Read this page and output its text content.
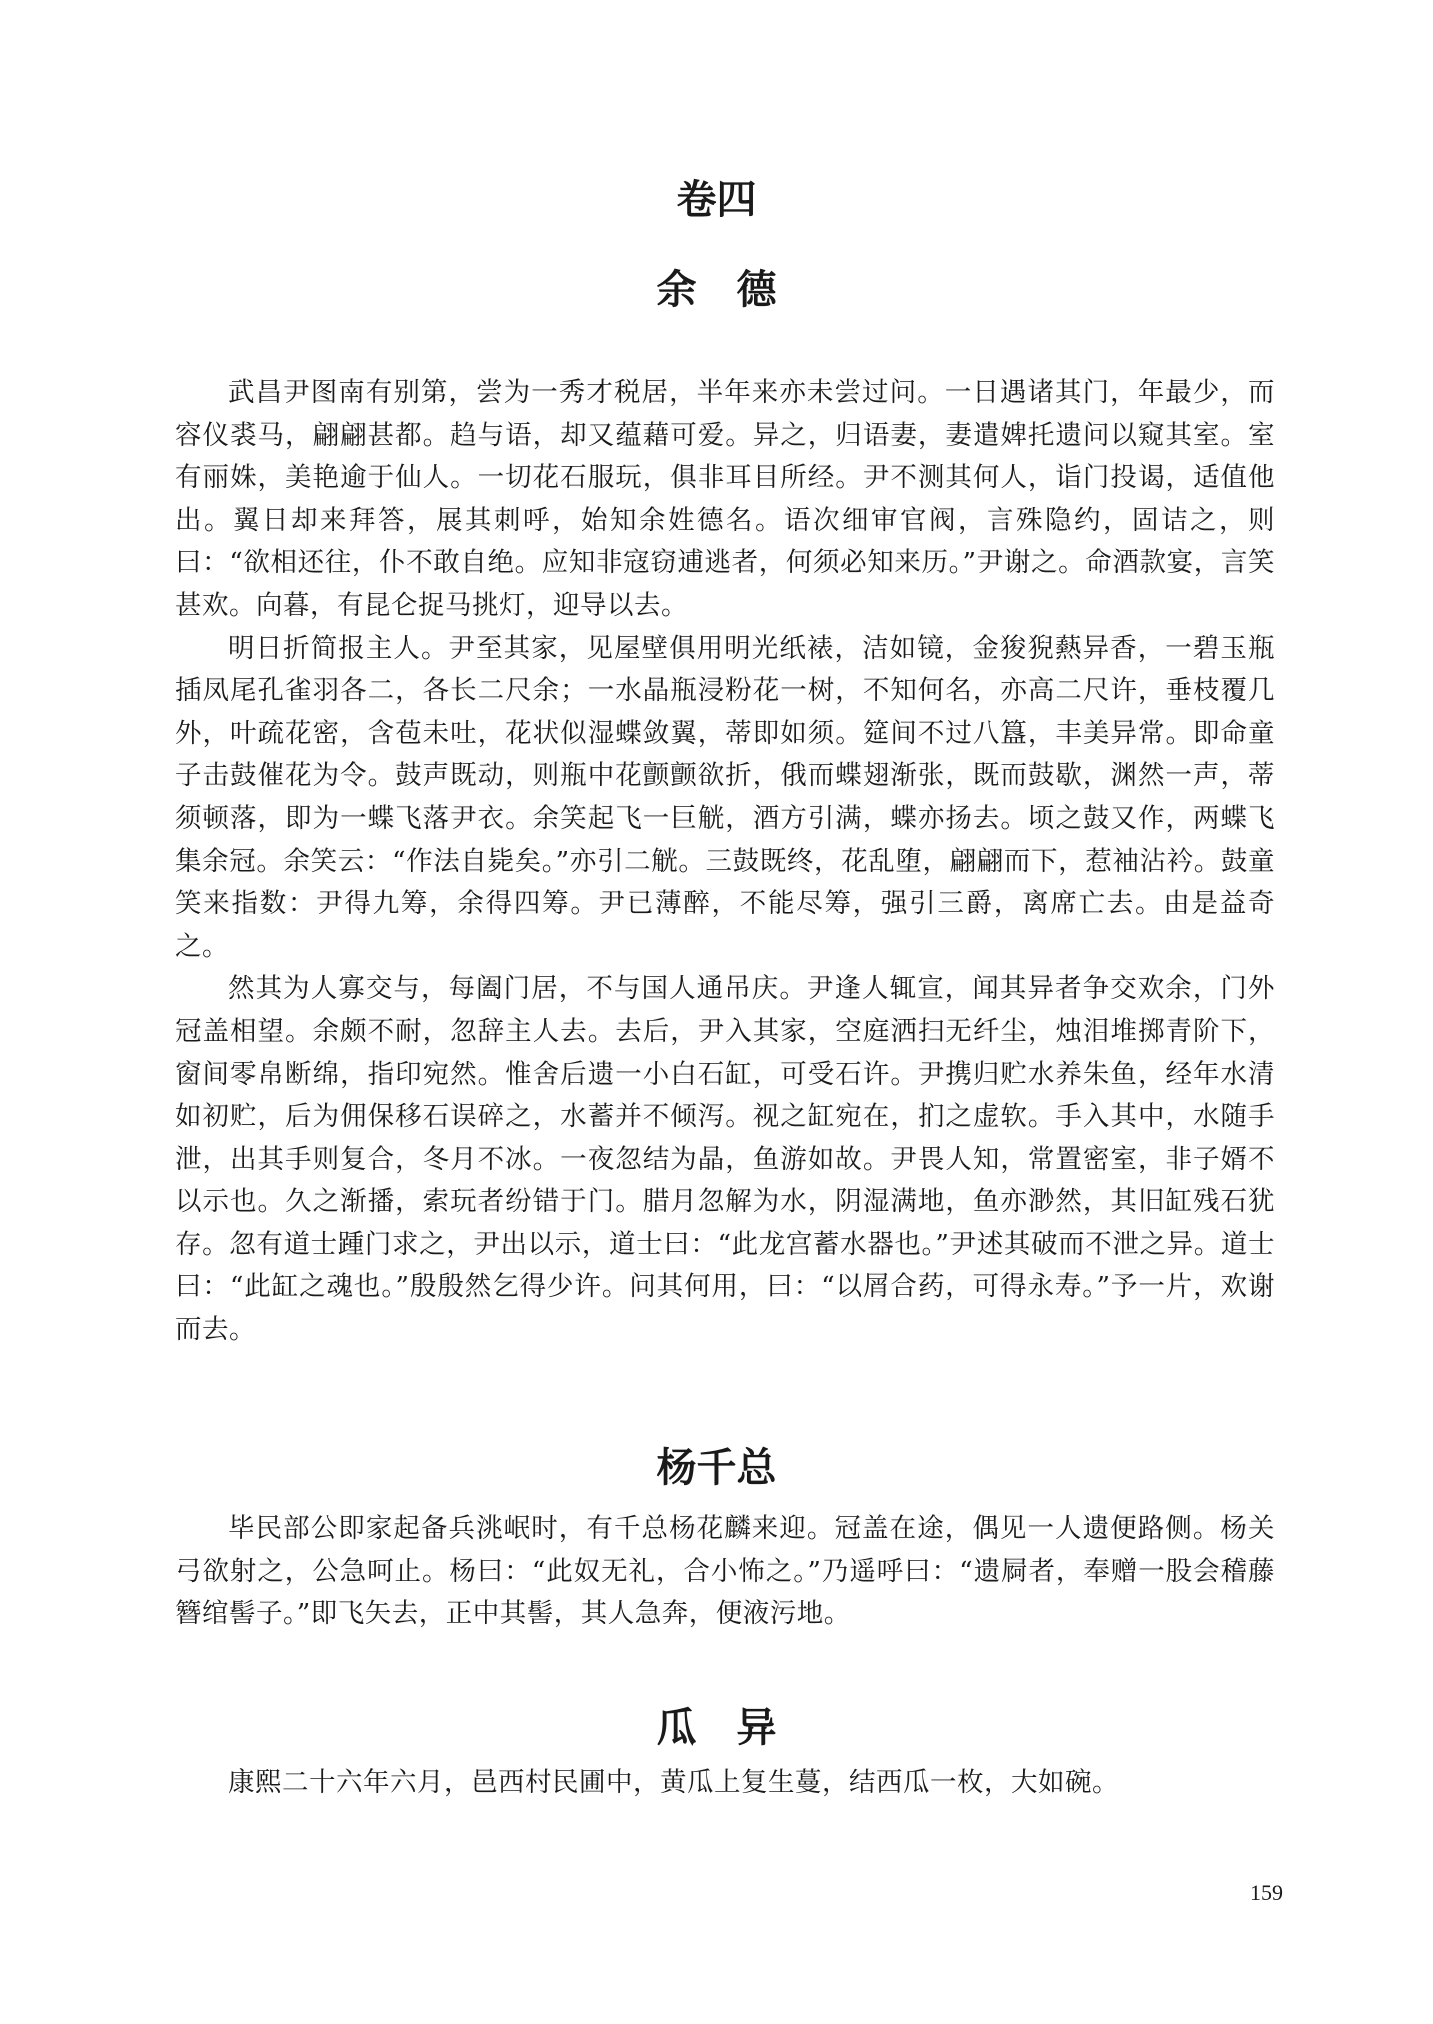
卷四
余　德

武昌尹图南有别第，尝为一秀才税居，半年来亦未尝过问。一日遇诸其门，年最少，而容仪裘马，翩翩甚都。趋与语，却又蕴藉可爱。异之，归语妻，妻遣婢托遗问以窥其室。室有丽姝，美艳逾于仙人。一切花石服玩，俱非耳目所经。尹不测其何人，诣门投谒，适值他出。翼日却来拜答，展其刺呼，始知余姓德名。语次细审官阀，言殊隐约，固诘之，则曰：“欲相还往，仆不敢自绝。应知非寇窃逋逃者，何须必知来历。”尹谢之。命酒款宴，言笑甚欢。向暮，有昆仑捉马挑灯，迎导以去。

明日折简报主人。尹至其家，见屋壁俱用明光纸裱，洁如镜，金狻猊爇异香，一碧玉瓶插凤尾孔雀羽各二，各长二尺余；一水晶瓶浸粉花一树，不知何名，亦高二尺许，垂枝覆几外，叶疏花密，含苞未吐，花状似湿蝶敛翼，蒂即如须。筵间不过八簋，丰美异常。即命童子击鼓催花为令。鼓声既动，则瓶中花颤颤欲折，俄而蝶翅渐张，既而鼓歇，渊然一声，蒂须顿落，即为一蝶飞落尹衣。余笑起飞一巨觥，酒方引满，蝶亦扬去。顷之鼓又作，两蝶飞集余冠。余笑云：“作法自毙矣。”亦引二觥。三鼓既终，花乱堕，翩翩而下，惹袖沾衿。鼓童笑来指数：尹得九筹，余得四筹。尹已薄醉，不能尽筹，强引三爵，离席亡去。由是益奇之。

然其为人寡交与，每阖门居，不与国人通吊庆。尹逢人辄宣，闻其异者争交欢余，门外冠盖相望。余颇不耐，忽辞主人去。去后，尹入其家，空庭洒扫无纤尘，烛泪堆掷青阶下，窗间零帛断绵，指印宛然。惟舍后遗一小白石缸，可受石许。尹携归贮水养朱鱼，经年水清如初贮，后为佣保移石误碎之，水蓄并不倾泻。视之缸宛在，扪之虚软。手入其中，水随手泄，出其手则复合，冬月不冰。一夜忽结为晶，鱼游如故。尹畏人知，常置密室，非子婿不以示也。久之渐播，索玩者纷错于门。腊月忽解为水，阴湿满地，鱼亦渺然，其旧缸残石犹存。忽有道士踵门求之，尹出以示，道士曰：“此龙宫蓄水器也。”尹述其破而不泄之异。道士曰：“此缸之魂也。”殷殷然乞得少许。问其何用，曰：“以屑合药，可得永寿。”予一片，欢谢而去。

杨千总

毕民部公即家起备兵洮岷时，有千总杨花麟来迎。冠盖在途，偶见一人遗便路侧。杨关弓欲射之，公急呵止。杨曰：“此奴无礼，合小怖之。”乃遥呼曰：“遗屙者，奉赠一股会稽藤簪绾髻子。”即飞矢去，正中其髻，其人急奔，便液污地。

瓜　异

康熙二十六年六月，邑西村民圃中，黄瓜上复生蔓，结西瓜一枚，大如碗。

159
